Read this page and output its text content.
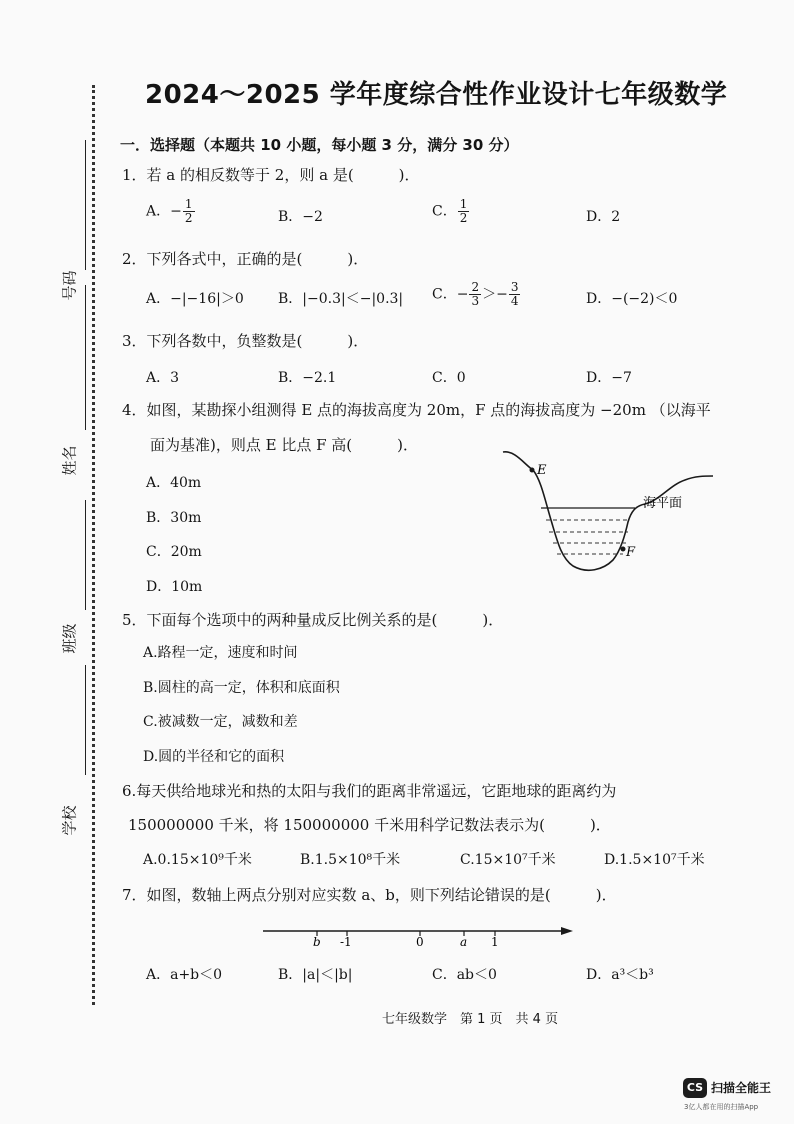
号码
姓名
班级
学校
2024～2025 学年度综合性作业设计七年级数学
一．选择题（本题共 10 小题，每小题 3 分，满分 30 分）
1．若 a 的相反数等于 2，则 a 是(　　　)．
A．− $\frac{1}{2}$	B．−2	C． $\frac{1}{2}$	D．2
2．下列各式中，正确的是(　　　)．
A．−|−16|＞0 B．|−0.3|＜−|0.3| C．− $\frac{2}{3} >- \frac{3}{4}$	D．−(−2)＜0
3．下列各数中，负整数是(　　　)．
A．3	B．−2.1	C．0	D．−7
4．如图，某勘探小组测得 E 点的海拔高度为 20m，F 点的海拔高度为 −20m （以海平
面为基准)，则点 E 比点 F 高(　　　)．
A．40m
B．30m
C．20m
D．10m
E
F
海平面
5．下面每个选项中的两种量成反比例关系的是(　　　)．
A.路程一定，速度和时间
B.圆柱的高一定，体积和底面积
C.被减数一定，减数和差
D.圆的半径和它的面积
6.每天供给地球光和热的太阳与我们的距离非常遥远，它距地球的距离约为
150000000 千米，将 150000000 千米用科学记数法表示为(　　　)．
A.0.15×10⁹千米	B.1.5×10⁸千米	C.15×10⁷千米	D.1.5×10⁷千米
7．如图，数轴上两点分别对应实数 a、b，则下列结论错误的是(　　　)．
b -1	0	a 1
A．a+b＜0	B．|a|＜|b|	C．ab＜0	D．a³＜b³
七年级数学　第 1 页　共 4 页
CS 扫描全能王
3亿人都在用的扫描App
